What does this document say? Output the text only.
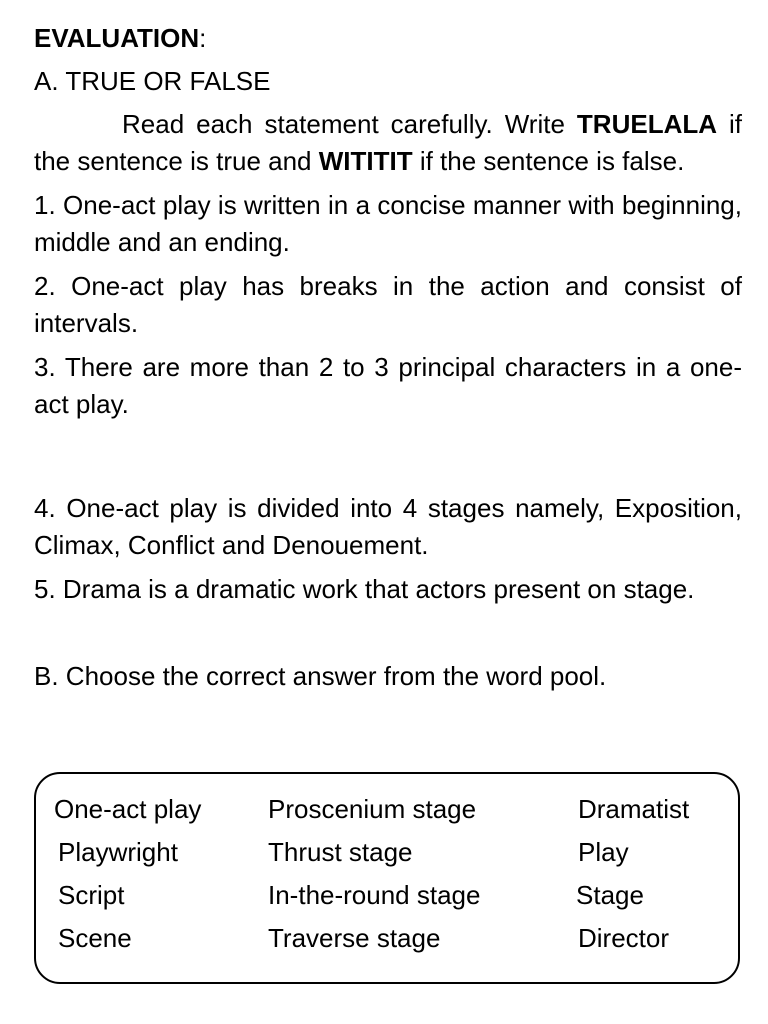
EVALUATION:

A. TRUE OR FALSE

Read each statement carefully. Write TRUELALA if the sentence is true and WITITIT if the sentence is false.

1. One-act play is written in a concise manner with beginning, middle and an ending.

2. One-act play has breaks in the action and consist of intervals.

3. There are more than 2 to 3 principal characters in a one-act play.

4. One-act play is divided into 4 stages namely, Exposition, Climax, Conflict and Denouement.

5. Drama is a dramatic work that actors present on stage.

B. Choose the correct answer from the word pool.

One-act play
Playwright
Script
Scene
Proscenium stage
Thrust stage
In-the-round stage
Traverse stage
Dramatist
Play
Stage
Director
